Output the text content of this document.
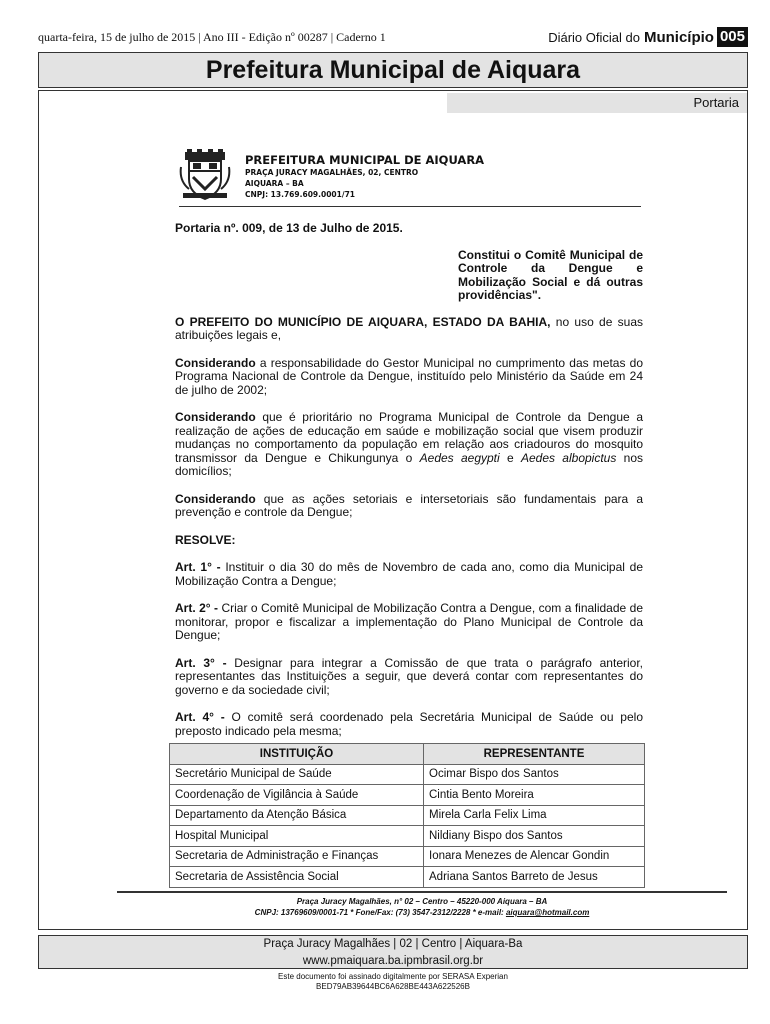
quarta-feira, 15 de julho de 2015 | Ano III - Edição nº 00287 | Caderno 1	Diário Oficial do Município 005
Prefeitura Municipal de Aiquara
Portaria
PREFEITURA MUNICIPAL DE AIQUARA
PRAÇA JURACY MAGALHÃES, 02, CENTRO
AIQUARA – BA
CNPJ: 13.769.609.0001/71

Portaria nº. 009, de 13 de Julho de 2015.

Constitui o Comitê Municipal de Controle da Dengue e Mobilização Social e dá outras providências".

O PREFEITO DO MUNICÍPIO DE AIQUARA, ESTADO DA BAHIA, no uso de suas atribuições legais e,

Considerando a responsabilidade do Gestor Municipal no cumprimento das metas do Programa Nacional de Controle da Dengue, instituído pelo Ministério da Saúde em 24 de julho de 2002;

Considerando que é prioritário no Programa Municipal de Controle da Dengue a realização de ações de educação em saúde e mobilização social que visem produzir mudanças no comportamento da população em relação aos criadouros do mosquito transmissor da Dengue e Chikungunya o Aedes aegypti e Aedes albopictus nos domicílios;

Considerando que as ações setoriais e intersetoriais são fundamentais para a prevenção e controle da Dengue;

RESOLVE:

Art. 1° - Instituir o dia 30 do mês de Novembro de cada ano, como dia Municipal de Mobilização Contra a Dengue;

Art. 2° - Criar o Comitê Municipal de Mobilização Contra a Dengue, com a finalidade de monitorar, propor e fiscalizar a implementação do Plano Municipal de Controle da Dengue;

Art. 3° - Designar para integrar a Comissão de que trata o parágrafo anterior, representantes das Instituições a seguir, que deverá contar com representantes do governo e da sociedade civil;

Art. 4° - O comitê será coordenado pela Secretária Municipal de Saúde ou pelo preposto indicado pela mesma;

INSTITUIÇÃO	REPRESENTANTE
Secretário Municipal de Saúde	Ocimar Bispo dos Santos
Coordenação de Vigilância à Saúde	Cintia Bento Moreira
Departamento da Atenção Básica	Mirela Carla Felix Lima
Hospital Municipal	Nildiany Bispo dos Santos
Secretaria de Administração e Finanças	Ionara Menezes de Alencar Gondin
Secretaria de Assistência Social	Adriana Santos Barreto de Jesus
Praça Juracy Magalhães, n° 02 – Centro – 45220-000 Aiquara – BA
CNPJ: 13769609/0001-71 * Fone/Fax: (73) 3547-2312/2228 * e-mail: aiquara@hotmail.com
Praça Juracy Magalhães | 02 | Centro | Aiquara-Ba
www.pmaiquara.ba.ipmbrasil.org.br
Este documento foi assinado digitalmente por SERASA Experian
BED79AB39644BC6A628BE443A622526B
